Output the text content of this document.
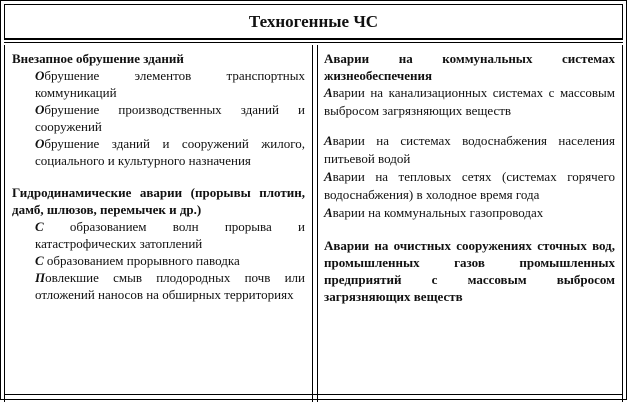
Техногенные ЧС
Внезапное обрушение зданий
Обрушение элементов транспортных коммуникаций
Обрушение производственных зданий и сооружений
Обрушение зданий и сооружений жилого, социального и культурного назначения
Гидродинамические аварии (прорывы плотин, дамб, шлюзов, перемычек и др.)
С образованием волн прорыва и катастрофических затоплений
С образованием прорывного паводка
Повлекшие смыв плодородных почв или отложений наносов на обширных территориях
Аварии на коммунальных системах жизнеобеспечения
Аварии на канализационных системах с массовым выбросом загрязняющих веществ
Аварии на системах водоснабжения населения питьевой водой
Аварии на тепловых сетях (системах горячего водоснабжения) в холодное время года
Аварии на коммунальных газопроводах
Аварии на очистных сооружениях сточных вод, промышленных газов промышленных предприятий с массовым выбросом загрязняющих веществ
